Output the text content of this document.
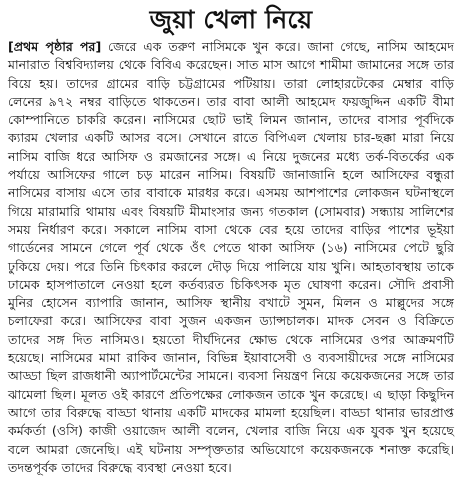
জুয়া খেলা নিয়ে

[প্রথম পৃষ্ঠার পর] জেরে এক তরুণ নাসিমকে খুন করে। জানা গেছে, নাসিম আহমেদ মানারাত বিশ্ববিদ্যালয় থেকে বিবিএ করেছেন। সাত মাস আগে শামীমা জামানের সঙ্গে তার বিয়ে হয়। তাদের গ্রামের বাড়ি চট্টগ্রামের পটিয়ায়। তারা লোহারটেকের মেম্বার বাড়ি লেনের ৯৭২ নম্বর বাড়িতে থাকতেন। তার বাবা আলী আহমেদ ফয়জুদ্দিন একটি বীমা কোম্পানিতে চাকরি করেন। নাসিমের ছোট ভাই লিমন জানান, তাদের বাসার পূর্বদিকে ক্যারম খেলার একটি আসর বসে। সেখানে রাতে বিপিএল খেলায় চার-ছক্কা মারা নিয়ে নাসিম বাজি ধরে আসিফ ও রমজানের সঙ্গে। এ নিয়ে দুজনের মধ্যে তর্ক-বিতর্কের এক পর্যায়ে আসিফের গালে চড় মারেন নাসিম। বিষয়টি জানাজানি হলে আসিফের বন্ধুরা নাসিমের বাসায় এসে তার বাবাকে মারধর করে। এসময় আশপাশের লোকজন ঘটনাস্থলে গিয়ে মারামারি থামায় এবং বিষয়টি মীমাংসার জন্য গতকাল (সোমবার) সন্ধ্যায় সালিশের সময় নির্ধারণ করে। সকালে নাসিম বাসা থেকে বের হয়ে তাদের বাড়ির পাশের ভূইয়া গার্ডেনের সামনে গেলে পূর্ব থেকে ওঁৎ পেতে থাকা আসিফ (১৬) নাসিমের পেটে ছুরি ঢুকিয়ে দেয়। পরে তিনি চিৎকার করলে দৌড় দিয়ে পালিয়ে যায় খুনি। আহতাবস্থায় তাকে ঢামেক হাসপাতালে নেওয়া হলে কর্তব্যরত চিকিৎসক মৃত ঘোষণা করেন। সৌদি প্রবাসী মুনির হোসেন ব্যাপারি জানান, আসিফ স্থানীয় বখাটে সুমন, মিলন ও মাল্লুদের সঙ্গে চলাফেরা করে। আসিফের বাবা সুজন একজন ড্যান্সচালক। মাদক সেবন ও বিক্রিতে তাদের সঙ্গ দিত নাসিমও। হয়তো দীর্ঘদিনের ক্ষোভ থেকে নাসিমের ওপর আক্রমণটি হয়েছে। নাসিমের মামা রাকিব জানান, বিভিন্ন ইয়াবাসেবী ও ব্যবসায়ীদের সঙ্গে নাসিমের আড্ডা ছিল রাজধানী অ্যাপার্টমেন্টের সামনে। ব্যবসা নিয়ন্ত্রণ নিয়ে কয়েকজনের সঙ্গে তার ঝামেলা ছিল। মূলত ওই কারণে প্রতিপক্ষের লোকজন তাকে খুন করেছে। এ ছাড়া কিছুদিন আগে তার বিরুদ্ধে বাড্ডা থানায় একটি মাদকের মামলা হয়েছিল। বাড্ডা থানার ভারপ্রাপ্ত কর্মকর্তা (ওসি) কাজী ওয়াজেদ আলী বলেন, খেলার বাজি নিয়ে এক যুবক খুন হয়েছে বলে আমরা জেনেছি। এই ঘটনায় সম্পৃক্ততার অভিযোগে কয়েকজনকে শনাক্ত করেছি। তদন্তপূর্বক তাদের বিরুদ্ধে ব্যবস্থা নেওয়া হবে।
